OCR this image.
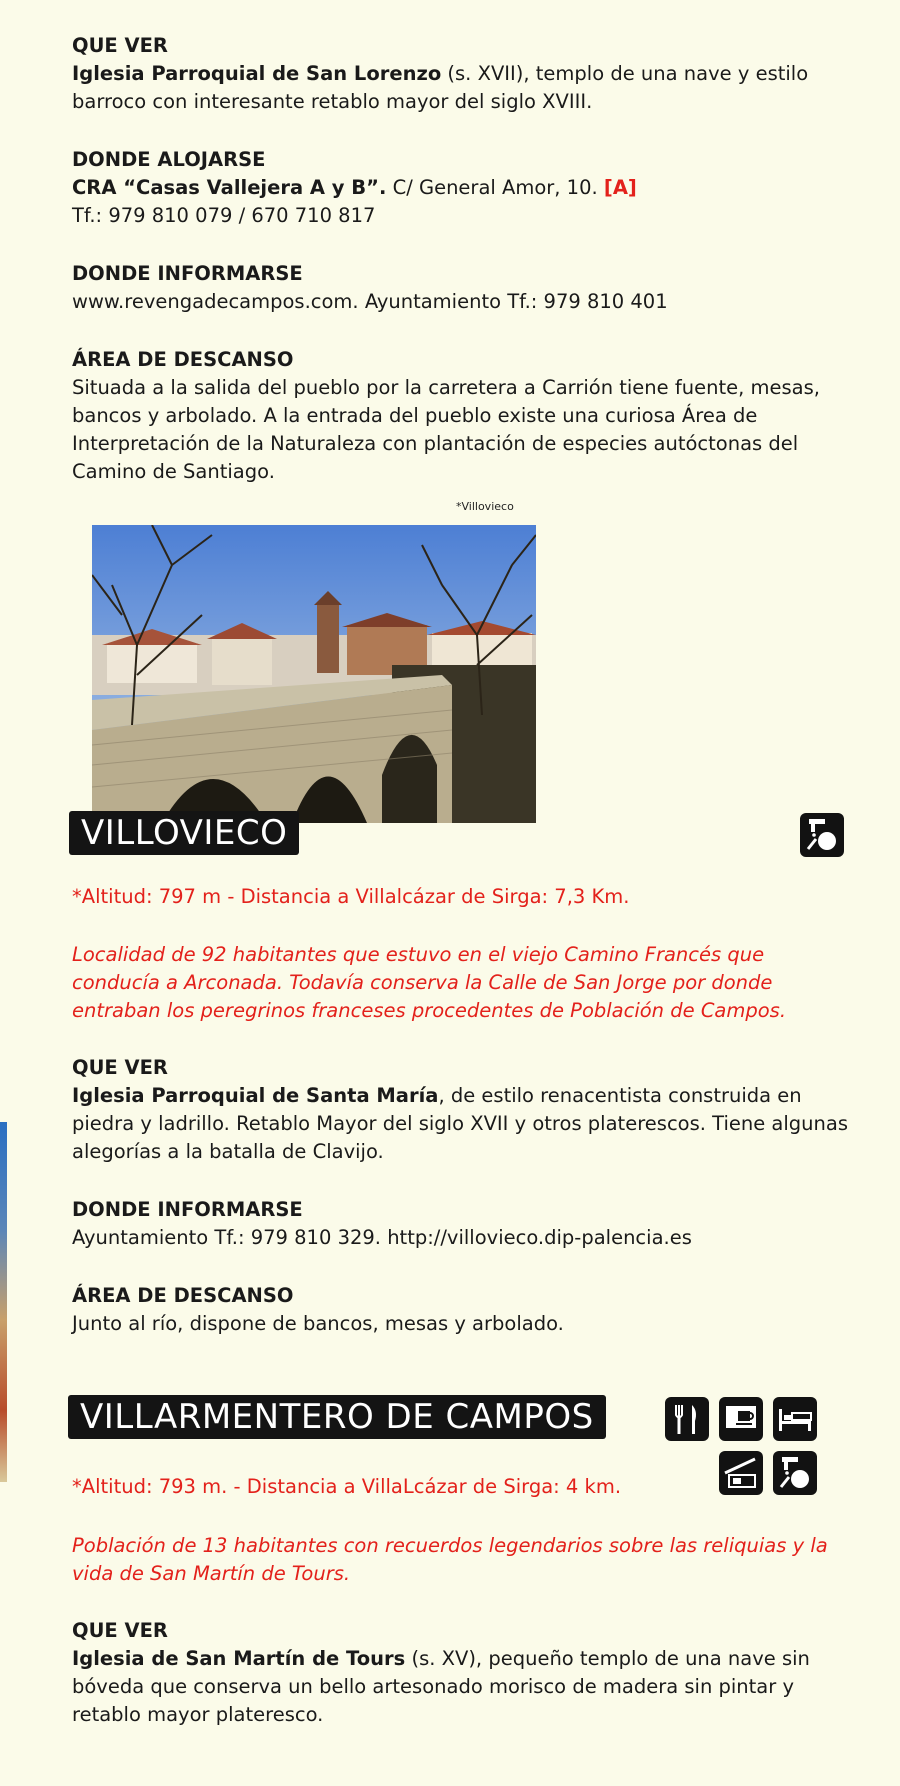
QUE VER

Iglesia Parroquial de San Lorenzo (s. XVII), templo de una nave y estilo barroco con interesante retablo mayor del siglo XVIII.

DONDE ALOJARSE

CRA “Casas Vallejera A y B”. C/ General Amor, 10. [A]

Tf.: 979 810 079 / 670 710 817

DONDE INFORMARSE

www.revengadecampos.com. Ayuntamiento Tf.: 979 810 401

ÁREA DE DESCANSO

Situada a la salida del pueblo por la carretera a Carrión tiene fuente, mesas, bancos y arbolado. A la entrada del pueblo existe una curiosa Área de Interpretación de la Naturaleza con plantación de especies autóctonas del Camino de Santiago.

*Villovieco
VILLOVIECO

*Altitud: 797 m - Distancia a Villalcázar de Sirga: 7,3 Km.

Localidad de 92 habitantes que estuvo en el viejo Camino Francés que conducía a Arconada. Todavía conserva la Calle de San Jorge por donde entraban los peregrinos franceses procedentes de Población de Campos.

QUE VER

Iglesia Parroquial de Santa María, de estilo renacentista construida en piedra y ladrillo. Retablo Mayor del siglo XVII y otros platerescos. Tiene algunas alegorías a la batalla de Clavijo.

DONDE INFORMARSE

Ayuntamiento Tf.: 979 810 329. http://villovieco.dip-palencia.es

ÁREA DE DESCANSO

Junto al río, dispone de bancos, mesas y arbolado.

VILLARMENTERO DE CAMPOS

*Altitud: 793 m. - Distancia a VillaLcázar de Sirga: 4 km.

Población de 13 habitantes con recuerdos legendarios sobre las reliquias y la vida de San Martín de Tours.

QUE VER

Iglesia de San Martín de Tours (s. XV), pequeño templo de una nave sin bóveda que conserva un bello artesonado morisco de madera sin pintar y retablo mayor plateresco.
